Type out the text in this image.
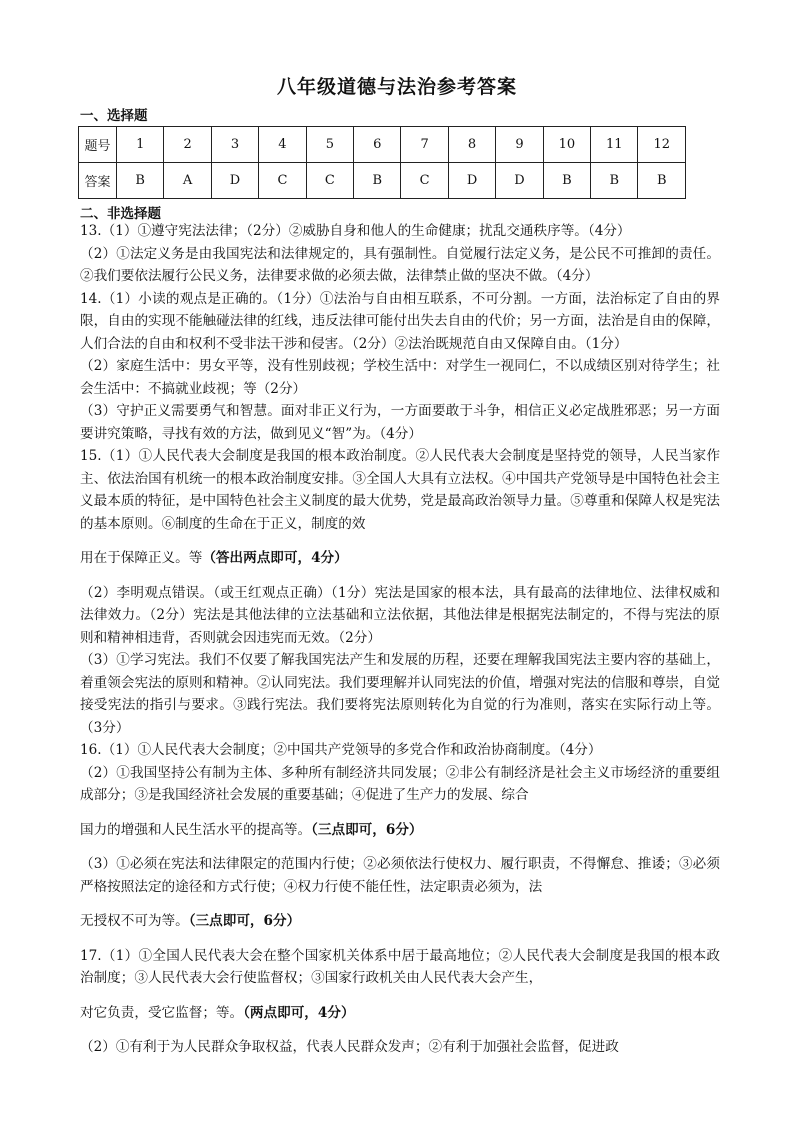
八年级道德与法治参考答案
一、选择题
题号	1	2	3	4	5	6	7	8	9	10	11	12
答案	B	A	D	C	C	B	C	D	D	B	B	B
二、非选择题

13.（1）①遵守宪法法律；（2分）②威胁自身和他人的生命健康；扰乱交通秩序等。（4分）

（2）①法定义务是由我国宪法和法律规定的，具有强制性。自觉履行法定义务，是公民不可推卸的责任。②我们要依法履行公民义务，法律要求做的必须去做，法律禁止做的坚决不做。（4分）

14.（1）小读的观点是正确的。（1分）①法治与自由相互联系，不可分割。一方面，法治标定了自由的界限，自由的实现不能触碰法律的红线，违反法律可能付出失去自由的代价；另一方面，法治是自由的保障，人们合法的自由和权利不受非法干涉和侵害。（2分）②法治既规范自由又保障自由。（1分）

（2）家庭生活中：男女平等，没有性别歧视；学校生活中：对学生一视同仁，不以成绩区别对待学生；社会生活中：不搞就业歧视；等（2分）

（3）守护正义需要勇气和智慧。面对非正义行为，一方面要敢于斗争，相信正义必定战胜邪恶；另一方面要讲究策略，寻找有效的方法，做到见义“智”为。（4分）

15.（1）①人民代表大会制度是我国的根本政治制度。②人民代表大会制度是坚持党的领导，人民当家作主、依法治国有机统一的根本政治制度安排。③全国人大具有立法权。④中国共产党领导是中国特色社会主义最本质的特征，是中国特色社会主义制度的最大优势，党是最高政治领导力量。⑤尊重和保障人权是宪法的基本原则。⑥制度的生命在于正义，制度的效

用在于保障正义。等（答出两点即可，4分）

（2）李明观点错误。（或王红观点正确）（1分）宪法是国家的根本法，具有最高的法律地位、法律权威和法律效力。（2分）宪法是其他法律的立法基础和立法依据，其他法律是根据宪法制定的，不得与宪法的原则和精神相违背，否则就会因违宪而无效。（2分）

（3）①学习宪法。我们不仅要了解我国宪法产生和发展的历程，还要在理解我国宪法主要内容的基础上，着重领会宪法的原则和精神。②认同宪法。我们要理解并认同宪法的价值，增强对宪法的信服和尊崇，自觉接受宪法的指引与要求。③践行宪法。我们要将宪法原则转化为自觉的行为准则，落实在实际行动上等。（3分）

16.（1）①人民代表大会制度；②中国共产党领导的多党合作和政治协商制度。（4分）

（2）①我国坚持公有制为主体、多种所有制经济共同发展；②非公有制经济是社会主义市场经济的重要组成部分；③是我国经济社会发展的重要基础；④促进了生产力的发展、综合

国力的增强和人民生活水平的提高等。（三点即可，6分）

（3）①必须在宪法和法律限定的范围内行使；②必须依法行使权力、履行职责，不得懈怠、推诿；③必须严格按照法定的途径和方式行使；④权力行使不能任性，法定职责必须为，法

无授权不可为等。（三点即可，6分）

17.（1）①全国人民代表大会在整个国家机关体系中居于最高地位；②人民代表大会制度是我国的根本政治制度；③人民代表大会行使监督权；③国家行政机关由人民代表大会产生，

对它负责，受它监督；等。（两点即可，4分）

（2）①有利于为人民群众争取权益，代表人民群众发声；②有利于加强社会监督，促进政
